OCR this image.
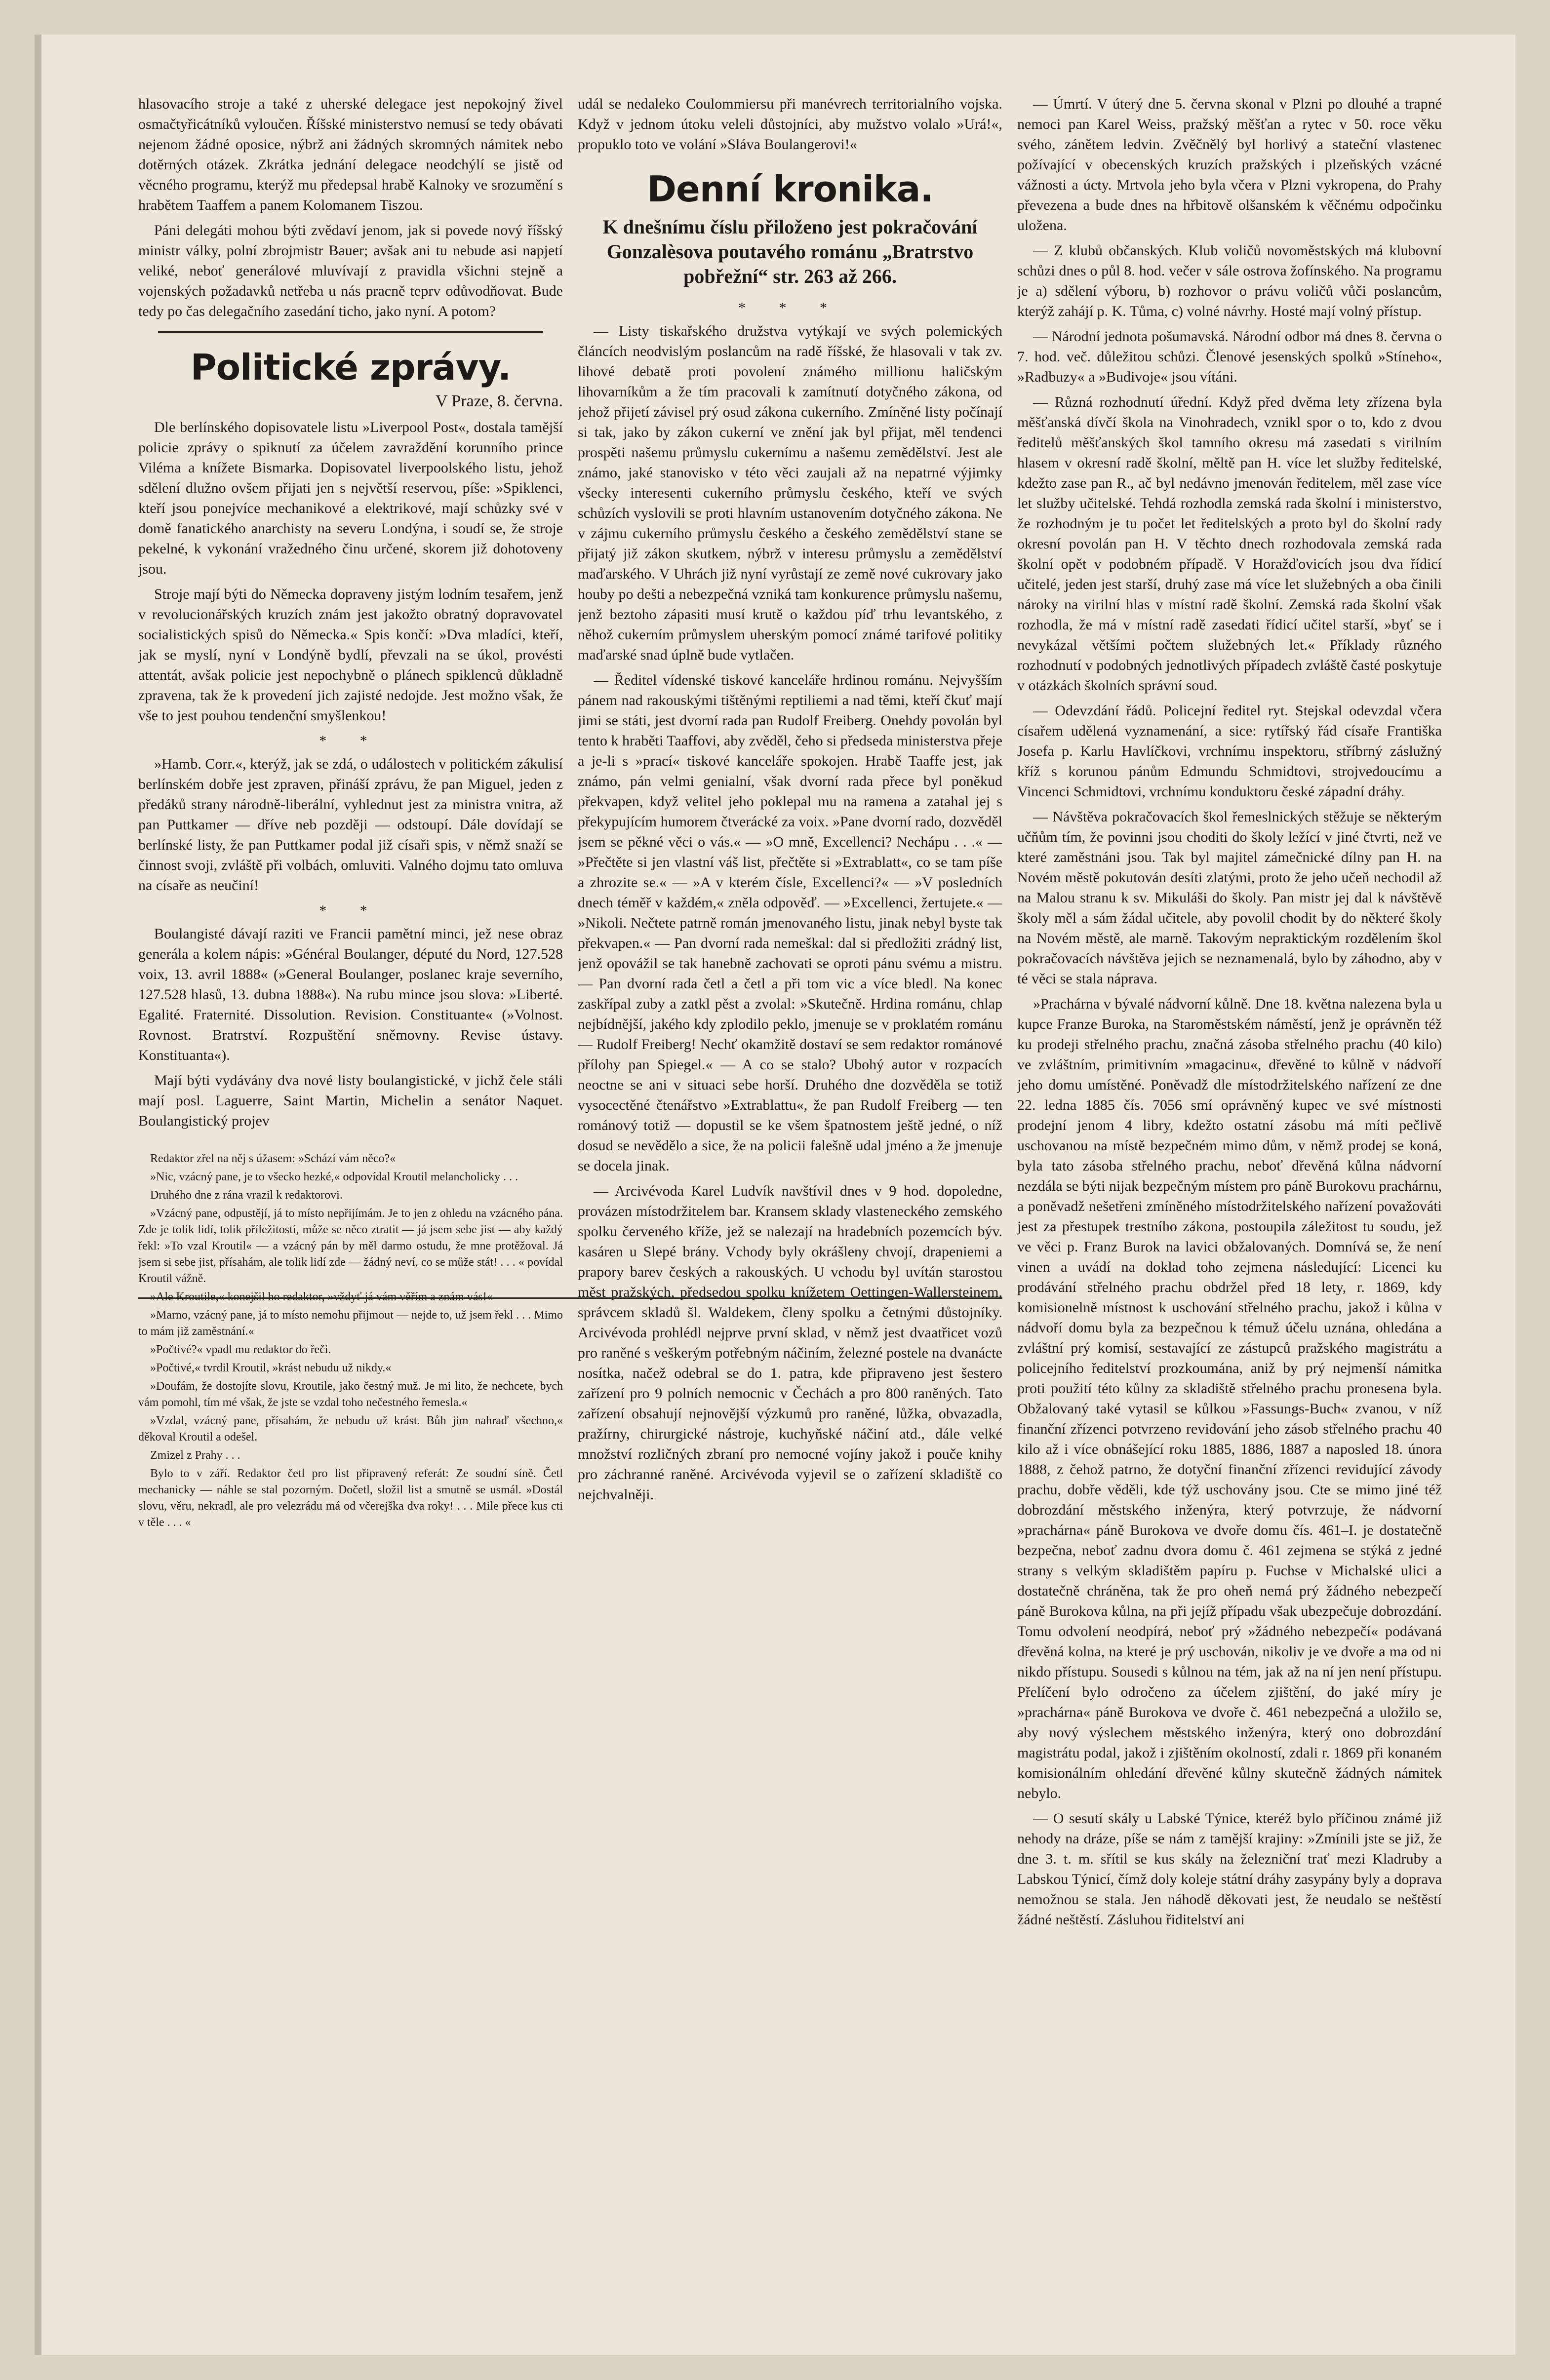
hlasovacího stroje a také z uherské delegace jest nepokojný živel osmačtyřicátníků vyloučen. Říšské ministerstvo nemusí se tedy obávati nejenom žádné oposice, nýbrž ani žádných skromných námitek nebo dotěrných otázek. Zkrátka jednání delegace neodchýlí se jistě od věcného programu, kterýž mu předepsal hrabě Kalnoky ve srozumění s hrabětem Taaffem a panem Kolomanem Tiszou.

Páni delegáti mohou býti zvědaví jenom, jak si povede nový říšský ministr války, polní zbrojmistr Bauer; avšak ani tu nebude asi napjetí veliké, neboť generálové mluvívají z pravidla všichni stejně a vojenských požadavků netřeba u nás pracně teprv odůvodňovat. Bude tedy po čas delegačního zasedání ticho, jako nyní. A potom?

Politické zprávy.
V Praze, 8. června.

Dle berlínského dopisovatele listu »Liverpool Post«, dostala tamější policie zprávy o spiknutí za účelem zavraždění korunního prince Viléma a knížete Bismarka. Dopisovatel liverpoolského listu, jehož sdělení dlužno ovšem přijati jen s největší reservou, píše: »Spiklenci, kteří jsou ponejvíce mechanikové a elektrikové, mají schůzky své v domě fanatického anarchisty na severu Londýna, i soudí se, že stroje pekelné, k vykonání vražedného činu určené, skorem již dohotoveny jsou.

Stroje mají býti do Německa dopraveny jistým lodním tesařem, jenž v revolucionářských kruzích znám jest jakožto obratný dopravovatel socialistických spisů do Německa.« Spis končí: »Dva mladíci, kteří, jak se myslí, nyní v Londýně bydlí, převzali na se úkol, provésti attentát, avšak policie jest nepochybně o plánech spiklenců důkladně zpravena, tak že k provedení jich zajisté nedojde. Jest možno však, že vše to jest pouhou tendenční smyšlenkou!

* *

»Hamb. Corr.«, kterýž, jak se zdá, o událostech v politickém zákulisí berlínském dobře jest zpraven, přináší zprávu, že pan Miguel, jeden z předáků strany národně-liberální, vyhlednut jest za ministra vnitra, až pan Puttkamer — dříve neb později — odstoupí. Dále dovídají se berlínské listy, že pan Puttkamer podal již císaři spis, v němž snaží se činnost svoji, zvláště při volbách, omluviti. Valného dojmu tato omluva na císaře as neučiní!

* *

Boulangisté dávají raziti ve Francii pamětní minci, jež nese obraz generála a kolem nápis: »Général Boulanger, député du Nord, 127.528 voix, 13. avril 1888« (»General Boulanger, poslanec kraje severního, 127.528 hlasů, 13. dubna 1888«). Na rubu mince jsou slova: »Liberté. Egalité. Fraternité. Dissolution. Revision. Constituante« (»Volnost. Rovnost. Bratrství. Rozpuštění sněmovny. Revise ústavy. Konstituanta«).

Mají býti vydávány dva nové listy boulangistické, v jichž čele stáli mají posl. Laguerre, Saint Martin, Michelin a senátor Naquet. Boulangistický projev

Redaktor zřel na něj s úžasem: »Schází vám něco?«

»Nic, vzácný pane, je to všecko hezké,« odpovídal Kroutil melancholicky . . .

Druhého dne z rána vrazil k redaktorovi.

»Vzácný pane, odpustějí, já to místo nepřijímám. Je to jen z ohledu na vzácného pána. Zde je tolik lidí, tolik příležitostí, může se něco ztratit — já jsem sebe jist — aby každý řekl: »To vzal Kroutil« — a vzácný pán by měl darmo ostudu, že mne protěžoval. Já jsem si sebe jist, přísahám, ale tolik lidí zde — žádný neví, co se může stát! . . . « povídal Kroutil vážně.

»Ale Kroutile,« konejšil ho redaktor, »vždyť já vám věřím a znám vás!«

»Marno, vzácný pane, já to místo nemohu přijmout — nejde to, už jsem řekl . . . Mimo to mám již zaměstnání.«

»Počtivé?« vpadl mu redaktor do řeči.

»Počtivé,« tvrdil Kroutil, »krást nebudu už nikdy.«

»Doufám, že dostojíte slovu, Kroutile, jako čestný muž. Je mi lito, že nechcete, bych vám pomohl, tím mé však, že jste se vzdal toho nečestného řemesla.«

»Vzdal, vzácný pane, přísahám, že nebudu už krást. Bůh jim nahraď všechno,« děkoval Kroutil a odešel.

Zmizel z Prahy . . .

Bylo to v září. Redaktor četl pro list připravený referát: Ze soudní síně. Četl mechanicky — náhle se stal pozorným. Dočetl, složil list a smutně se usmál. »Dostál slovu, věru, nekradl, ale pro velezrádu má od včerejška dva roky! . . . Mile přece kus cti v těle . . . «

udál se nedaleko Coulommiersu při manévrech territorialního vojska. Když v jednom útoku veleli důstojníci, aby mužstvo volalo »Urá!«, propuklo toto ve volání »Sláva Boulangerovi!«

Denní kronika.
K dnešnímu číslu přiloženo jest pokračování Gonzalèsova poutavého románu „Bratrstvo pobřežní“ str. 263 až 266.
* * *

— Listy tiskařského družstva vytýkají ve svých polemických článcích neodvislým poslancům na radě říšské, že hlasovali v tak zv. lihové debatě proti povolení známého millionu haličským lihovarníkům a že tím pracovali k zamítnutí dotyčného zákona, od jehož přijetí závisel prý osud zákona cukerního. Zmíněné listy počínají si tak, jako by zákon cukerní ve znění jak byl přijat, měl tendenci prospěti našemu průmyslu cukernímu a našemu zemědělství. Jest ale známo, jaké stanovisko v této věci zaujali až na nepatrné výjimky všecky interesenti cukerního průmyslu českého, kteří ve svých schůzích vyslovili se proti hlavním ustanovením dotyčného zákona. Ne v zájmu cukerního průmyslu českého a českého zemědělství stane se přijatý již zákon skutkem, nýbrž v interesu průmyslu a zemědělství maďarského. V Uhrách již nyní vyrůstají ze země nové cukrovary jako houby po dešti a nebezpečná vzniká tam konkurence průmyslu našemu, jenž beztoho zápasiti musí krutě o každou píď trhu levantského, z něhož cukerním průmyslem uherským pomocí známé tarifové politiky maďarské snad úplně bude vytlačen.

— Ředitel vídenské tiskové kanceláře hrdinou románu. Nejvyšším pánem nad rakouskými tištěnými reptiliemi a nad těmi, kteří čkuť mají jimi se státi, jest dvorní rada pan Rudolf Freiberg. Onehdy povolán byl tento k hraběti Taaffovi, aby zvěděl, čeho si předseda ministerstva přeje a je-li s »prací« tiskové kanceláře spokojen. Hrabě Taaffe jest, jak známo, pán velmi genialní, však dvorní rada přece byl poněkud překvapen, když velitel jeho poklepal mu na ramena a zatahal jej s překypujícím humorem čtverácké za voix. »Pane dvorní rado, dozvěděl jsem se pěkné věci o vás.« — »O mně, Excellenci? Nechápu . . .« — »Přečtěte si jen vlastní váš list, přečtěte si »Extrablatt«, co se tam píše a zhrozite se.« — »A v kterém čísle, Excellenci?« — »V posledních dnech téměř v každém,« zněla odpověď. — »Excellenci, žertujete.« — »Nikoli. Nečtete patrně román jmenovaného listu, jinak nebyl byste tak překvapen.« — Pan dvorní rada nemeškal: dal si předložiti zrádný list, jenž opovážil se tak hanebně zachovati se oproti pánu svému a mistru. — Pan dvorní rada četl a četl a při tom vic a více bledl. Na konec zaskřípal zuby a zatkl pěst a zvolal: »Skutečně. Hrdina románu, chlap nejbídnější, jakého kdy zplodilo peklo, jmenuje se v proklatém románu — Rudolf Freiberg! Nechť okamžitě dostaví se sem redaktor románové přílohy pan Spiegel.« — A co se stalo? Ubohý autor v rozpacích neoctne se ani v situaci sebe horší. Druhého dne dozvěděla se totiž vysocectěné čtenářstvo »Extrablattu«, že pan Rudolf Freiberg — ten románový totiž — dopustil se ke všem špatnostem ještě jedné, o níž dosud se nevědělo a sice, že na policii falešně udal jméno a že jmenuje se docela jinak.

— Arcivévoda Karel Ludvík navštívil dnes v 9 hod. dopoledne, provázen místodržitelem bar. Kransem sklady vlasteneckého zemského spolku červeného kříže, jež se nalezají na hradebních pozemcích býv. kasáren u Slepé brány. Vchody byly okrášleny chvojí, drapeniemi a prapory barev českých a rakouských. U vchodu byl uvítán starostou měst pražských, předsedou spolku knížetem Oettingen-Wallersteinem, správcem skladů šl. Waldekem, členy spolku a četnými důstojníky. Arcivévoda prohlédl nejprve první sklad, v němž jest dvaatřicet vozů pro raněné s veškerým potřebným náčiním, železné postele na dvanácte nosítka, načež odebral se do 1. patra, kde připraveno jest šestero zařízení pro 9 polních nemocnic v Čechách a pro 800 raněných. Tato zařízení obsahují nejnovější výzkumů pro raněné, lůžka, obvazadla, pražírny, chirurgické nástroje, kuchyňské náčiní atd., dále velké množství rozličných zbraní pro nemocné vojíny jakož i pouče knihy pro záchranné raněné. Arcivévoda vyjevil se o zařízení skladiště co nejchvalněji.

— Úmrtí. V úterý dne 5. června skonal v Plzni po dlouhé a trapné nemoci pan Karel Weiss, pražský měšťan a rytec v 50. roce věku svého, zánětem ledvin. Zvěčnělý byl horlivý a stateční vlastenec požívající v obecenských kruzích pražských i plzeňských vzácné vážnosti a úcty. Mrtvola jeho byla včera v Plzni vykropena, do Prahy převezena a bude dnes na hřbitově olšanském k věčnému odpočinku uložena.

— Z klubů občanských. Klub voličů novoměstských má klubovní schůzi dnes o půl 8. hod. večer v sále ostrova žofínského. Na programu je a) sdělení výboru, b) rozhovor o právu voličů vůči poslancům, kterýž zahájí p. K. Tůma, c) volné návrhy. Hosté mají volný přístup.

— Národní jednota pošumavská. Národní odbor má dnes 8. června o 7. hod. več. důležitou schůzi. Členové jesenských spolků »Stíneho«, »Radbuzy« a »Budivoje« jsou vítáni.

— Různá rozhodnutí úřední. Když před dvěma lety zřízena byla měšťanská dívčí škola na Vinohradech, vznikl spor o to, kdo z dvou ředitelů měšťanských škol tamního okresu má zasedati s virilním hlasem v okresní radě školní, měltě pan H. více let služby ředitelské, kdežto zase pan R., ač byl nedávno jmenován ředitelem, měl zase více let služby učitelské. Tehdá rozhodla zemská rada školní i ministerstvo, že rozhodným je tu počet let ředitelských a proto byl do školní rady okresní povolán pan H. V těchto dnech rozhodovala zemská rada školní opět v podobném případě. V Horažďovicích jsou dva řídicí učitelé, jeden jest starší, druhý zase má více let služebných a oba činili nároky na virilní hlas v místní radě školní. Zemská rada školní však rozhodla, že má v místní radě zasedati řídicí učitel starší, »byť se i nevykázal většími počtem služebných let.« Příklady různého rozhodnutí v podobných jednotlivých případech zvláště časté poskytuje v otázkách školních správní soud.

— Odevzdání řádů. Policejní ředitel ryt. Stejskal odevzdal včera císařem udělená vyznamenání, a sice: rytířský řád císaře Františka Josefa p. Karlu Havlíčkovi, vrchnímu inspektoru, stříbrný záslužný kříž s korunou pánům Edmundu Schmidtovi, strojvedoucímu a Vincenci Schmidtovi, vrchnímu konduktoru české západní dráhy.

— Návštěva pokračovacích škol řemeslnických stěžuje se některým učňům tím, že povinni jsou choditi do školy ležící v jiné čtvrti, než ve které zaměstnáni jsou. Tak byl majitel zámečnické dílny pan H. na Novém městě pokutován desíti zlatými, proto že jeho učeň nechodil až na Malou stranu k sv. Mikuláši do školy. Pan mistr jej dal k návštěvě školy měl a sám žádal učitele, aby povolil chodit by do některé školy na Novém městě, ale marně. Takovým nepraktickým rozdělením škol pokračovacích návštěva jejich se neznamenalá, bylo by záhodno, aby v té věci se stala náprava.

»Prachárna v bývalé nádvorní kůlně. Dne 18. května nalezena byla u kupce Franze Buroka, na Staroměstském náměstí, jenž je oprávněn též ku prodeji střelného prachu, značná zásoba střelného prachu (40 kilo) ve zvláštním, primitivním »magacinu«, dřevěné to kůlně v nádvoří jeho domu umístěné. Poněvadž dle místodržitelského nařízení ze dne 22. ledna 1885 čís. 7056 smí oprávněný kupec ve své místnosti prodejní jenom 4 libry, kdežto ostatní zásobu má míti pečlivě uschovanou na místě bezpečném mimo dům, v němž prodej se koná, byla tato zásoba střelného prachu, neboť dřevěná kůlna nádvorní nezdála se býti nijak bezpečným místem pro páně Burokovu prachárnu, a poněvadž nešetřeni zmíněného místodržitelského nařízení považováti jest za přestupek trestního zákona, postoupila záležitost tu soudu, jež ve věci p. Franz Burok na lavici obžalovaných. Domnívá se, že není vinen a uvádí na doklad toho zejmena následující: Licenci ku prodávání střelného prachu obdržel před 18 lety, r. 1869, kdy komisionelně místnost k uschování střelného prachu, jakož i kůlna v nádvoří domu byla za bezpečnou k témuž účelu uznána, ohledána a zvláštní prý komisí, sestavající ze zástupců pražského magistrátu a policejního ředitelství prozkoumána, aniž by prý nejmenší námitka proti použití této kůlny za skladiště střelného prachu pronesena byla. Obžalovaný také vytasil se kůlkou »Fassungs-Buch« zvanou, v níž finanční zřízenci potvrzeno revidování jeho zásob střelného prachu 40 kilo až i více obnášející roku 1885, 1886, 1887 a naposled 18. února 1888, z čehož patrno, že dotyční finanční zřízenci revidující závody prachu, dobře věděli, kde týž uschovány jsou. Cte se mimo jiné též dobrozdání městského inženýra, který potvrzuje, že nádvorní »prachárna« páně Burokova ve dvoře domu čís. 461–I. je dostatečně bezpečna, neboť zadnu dvora domu č. 461 zejmena se stýká z jedné strany s velkým skladištěm papíru p. Fuchse v Michalské ulici a dostatečně chráněna, tak že pro oheň nemá prý žádného nebezpečí páně Burokova kůlna, na při jejíž případu však ubezpečuje dobrozdání. Tomu odvolení neodpírá, neboť prý »žádného nebezpečí« podávaná dřevěná kolna, na které je prý uschován, nikoliv je ve dvoře a ma od ni nikdo přístupu. Sousedi s kůlnou na tém, jak až na ní jen není přístupu. Přelíčení bylo odročeno za účelem zjištění, do jaké míry je »prachárna« páně Burokova ve dvoře č. 461 nebezpečná a uložilo se, aby nový výslechem městského inženýra, který ono dobrozdání magistrátu podal, jakož i zjištěním okolností, zdali r. 1869 při konaném komisionálním ohledání dřevěné kůlny skutečně žádných námitek nebylo.

— O sesutí skály u Labské Týnice, kteréž bylo příčinou známé již nehody na dráze, píše se nám z tamější krajiny: »Zmínili jste se již, že dne 3. t. m. sřítil se kus skály na železniční trať mezi Kladruby a Labskou Týnicí, čímž doly koleje státní dráhy zasypány byly a doprava nemožnou se stala. Jen náhodě děkovati jest, že neudalo se neštěstí žádné neštěstí. Zásluhou řiditelství ani
